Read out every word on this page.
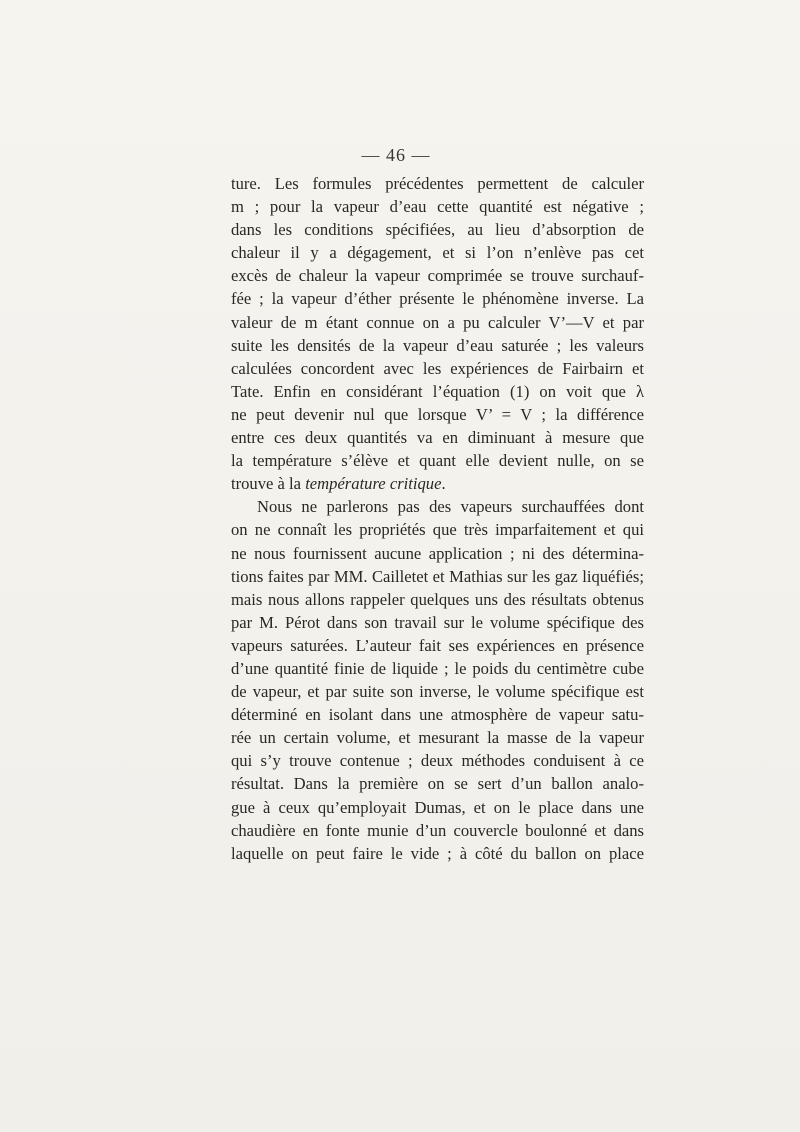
— 46 —
ture. Les formules précédentes permettent de calculer
m ; pour la vapeur d’eau cette quantité est négative ;
dans les conditions spécifiées, au lieu d’absorption de
chaleur il y a dégagement, et si l’on n’enlève pas cet
excès de chaleur la vapeur comprimée se trouve surchauf-
fée ; la vapeur d’éther présente le phénomène inverse. La
valeur de m étant connue on a pu calculer V’—V et par
suite les densités de la vapeur d’eau saturée ; les valeurs
calculées concordent avec les expériences de Fairbairn et
Tate. Enfin en considérant l’équation (1) on voit que λ
ne peut devenir nul que lorsque V’ = V ; la différence
entre ces deux quantités va en diminuant à mesure que
la température s’élève et quant elle devient nulle, on se
trouve à la température critique.
Nous ne parlerons pas des vapeurs surchauffées dont
on ne connaît les propriétés que très imparfaitement et qui
ne nous fournissent aucune application ; ni des détermina-
tions faites par MM. Cailletet et Mathias sur les gaz liquéfiés;
mais nous allons rappeler quelques uns des résultats obtenus
par M. Pérot dans son travail sur le volume spécifique des
vapeurs saturées. L’auteur fait ses expériences en présence
d’une quantité finie de liquide ; le poids du centimètre cube
de vapeur, et par suite son inverse, le volume spécifique est
déterminé en isolant dans une atmosphère de vapeur satu-
rée un certain volume, et mesurant la masse de la vapeur
qui s’y trouve contenue ; deux méthodes conduisent à ce
résultat. Dans la première on se sert d’un ballon analo-
gue à ceux qu’employait Dumas, et on le place dans une
chaudière en fonte munie d’un couvercle boulonné et dans
laquelle on peut faire le vide ; à côté du ballon on place
